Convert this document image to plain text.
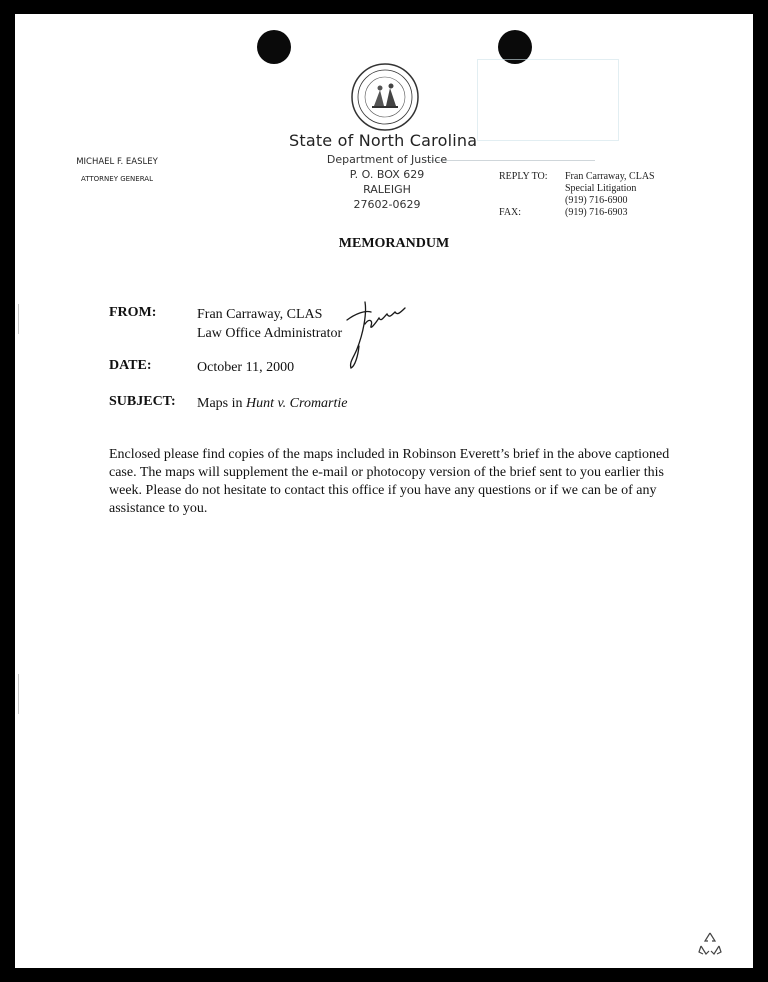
State of North Carolina
Department of Justice
P. O. BOX 629
RALEIGH
27602-0629
MICHAEL F. EASLEY
ATTORNEY GENERAL	REPLY TO: Fran Carraway, CLAS
Special Litigation
(919) 716-6900
FAX:	(919) 716-6903
MEMORANDUM
FROM:	Fran Carraway, CLAS
Law Office Administrator
DATE:	October 11, 2000
SUBJECT: Maps in Hunt v. Cromartie
Enclosed please find copies of the maps included in Robinson Everett’s brief in the above captioned case. The maps will supplement the e-mail or photocopy version of the brief sent to you earlier this week. Please do not hesitate to contact this office if you have any questions or if we can be of any assistance to you.
